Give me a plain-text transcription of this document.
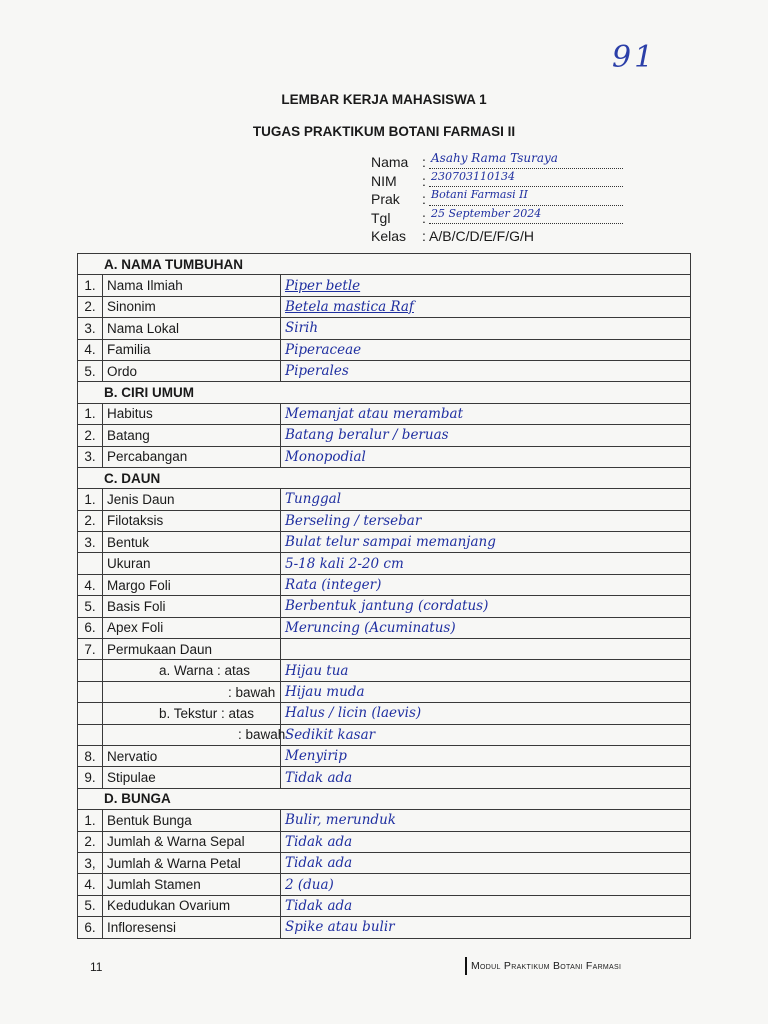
91
LEMBAR KERJA MAHASISWA 1
TUGAS PRAKTIKUM BOTANI FARMASI II
Nama : Asahy Rama Tsuraya
NIM : 230703110134
Prak : Botani Farmasi II
Tgl : 25 September 2024
Kelas : A/B/C/D/E/F/G/H
A. NAMA TUMBUHAN		
1.	Nama Ilmiah	Piper betle
2.	Sinonim	Betela mastica Raf
3.	Nama Lokal	Sirih
4.	Familia	Piperaceae
5.	Ordo	Piperales
B. CIRI UMUM		
1.	Habitus	Memanjat atau merambat
2.	Batang	Batang beralur / beruas
3.	Percabangan	Monopodial
C. DAUN		
1.	Jenis Daun	Tunggal
2.	Filotaksis	Berseling / tersebar
3.	Bentuk	Bulat telur sampai memanjang
	Ukuran	5-18 kali 2-20 cm
4.	Margo Foli	Rata (integer)
5.	Basis Foli	Berbentuk jantung (cordatus)
6.	Apex Foli	Meruncing (Acuminatus)
7.	Permukaan Daun	
	a. Warna : atas	Hijau tua
	: bawah	Hijau muda
	b. Tekstur : atas	Halus / licin (laevis)
	: bawah	Sedikit kasar
8.	Nervatio	Menyirip
9.	Stipulae	Tidak ada
D. BUNGA		
1.	Bentuk Bunga	Bulir, merunduk
2.	Jumlah & Warna Sepal	Tidak ada
3,	Jumlah & Warna Petal	Tidak ada
4.	Jumlah Stamen	2 (dua)
5.	Kedudukan Ovarium	Tidak ada
6.	Infloresensi	Spike atau bulir
11	Modul Praktikum Botani Farmasi
